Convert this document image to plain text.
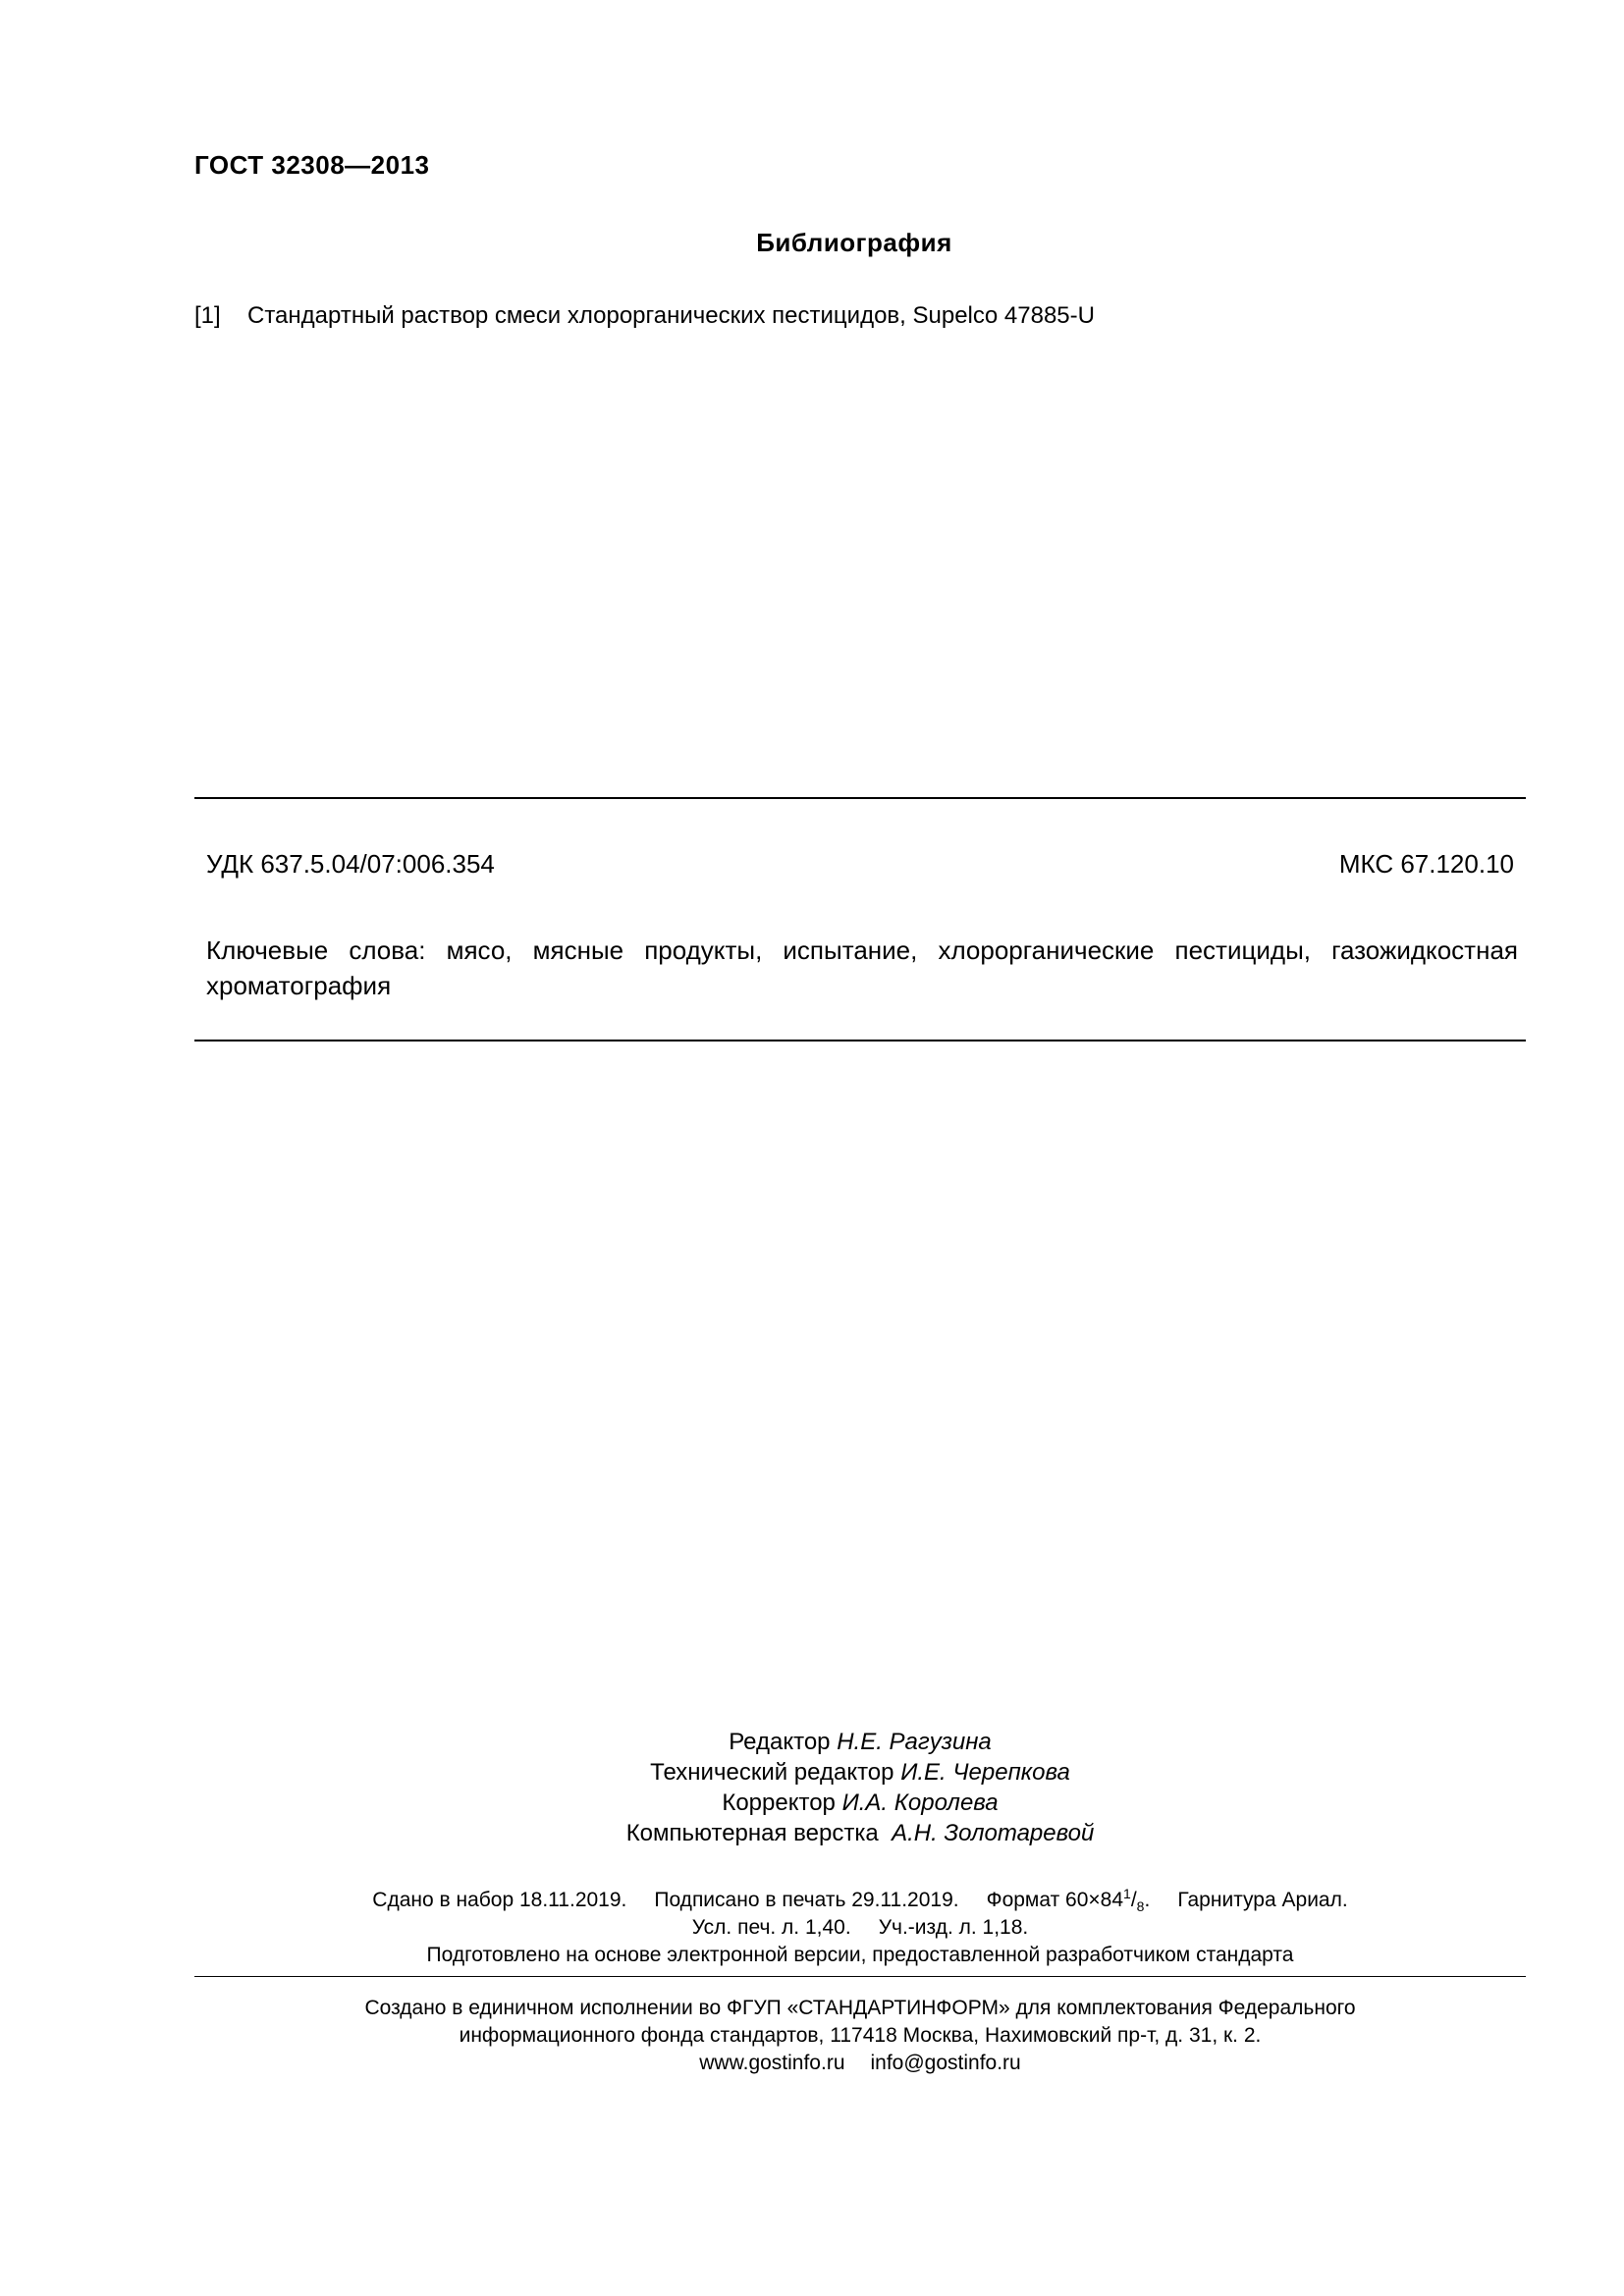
ГОСТ 32308—2013
Библиография
[1]	Стандартный раствор смеси хлорорганических пестицидов, Supelco 47885-U
УДК 637.5.04/07:006.354	МКС 67.120.10
Ключевые слова: мясо, мясные продукты, испытание, хлорорганические пестициды, газожидкостная
хроматография
Редактор Н.Е. Рагузина
Технический редактор И.Е. Черепкова
Корректор И.А. Королева
Компьютерная верстка А.Н. Золотаревой
Сдано в набор 18.11.2019. Подписано в печать 29.11.2019. Формат $60\times 84^1/_8$. Гарнитура Ариал.
Усл. печ. л. 1,40. Уч.-изд. л. 1,18.
Подготовлено на основе электронной версии, предоставленной разработчиком стандарта
Создано в единичном исполнении во ФГУП «СТАНДАРТИНФОРМ» для комплектования Федерального
информационного фонда стандартов, 117418 Москва, Нахимовский пр-т, д. 31, к. 2.
www.gostinfo.ru info@gostinfo.ru
